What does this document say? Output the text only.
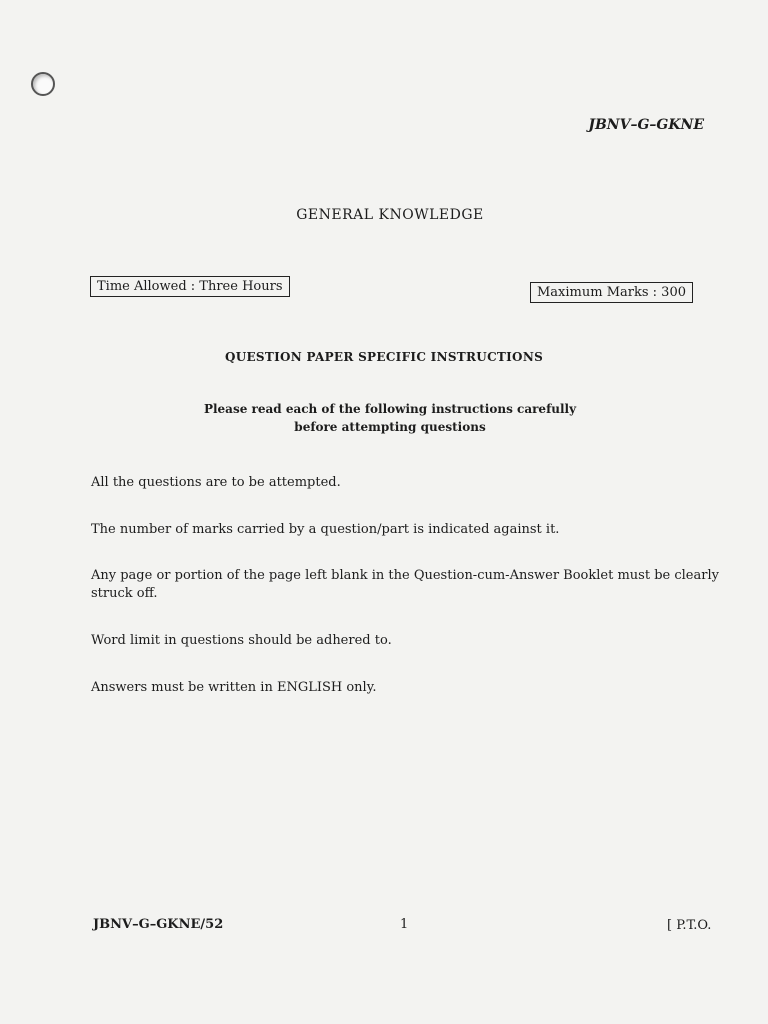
JBNV–G–GKNE
GENERAL KNOWLEDGE
Time Allowed : Three Hours	Maximum Marks : 300
QUESTION PAPER SPECIFIC INSTRUCTIONS
Please read each of the following instructions carefully
before attempting questions
All the questions are to be attempted.
The number of marks carried by a question/part is indicated against it.
Any page or portion of the page left blank in the Question-cum-Answer Booklet must be clearly struck off.
Word limit in questions should be adhered to.
Answers must be written in ENGLISH only.
JBNV–G–GKNE/52	1	[ P.T.O.
